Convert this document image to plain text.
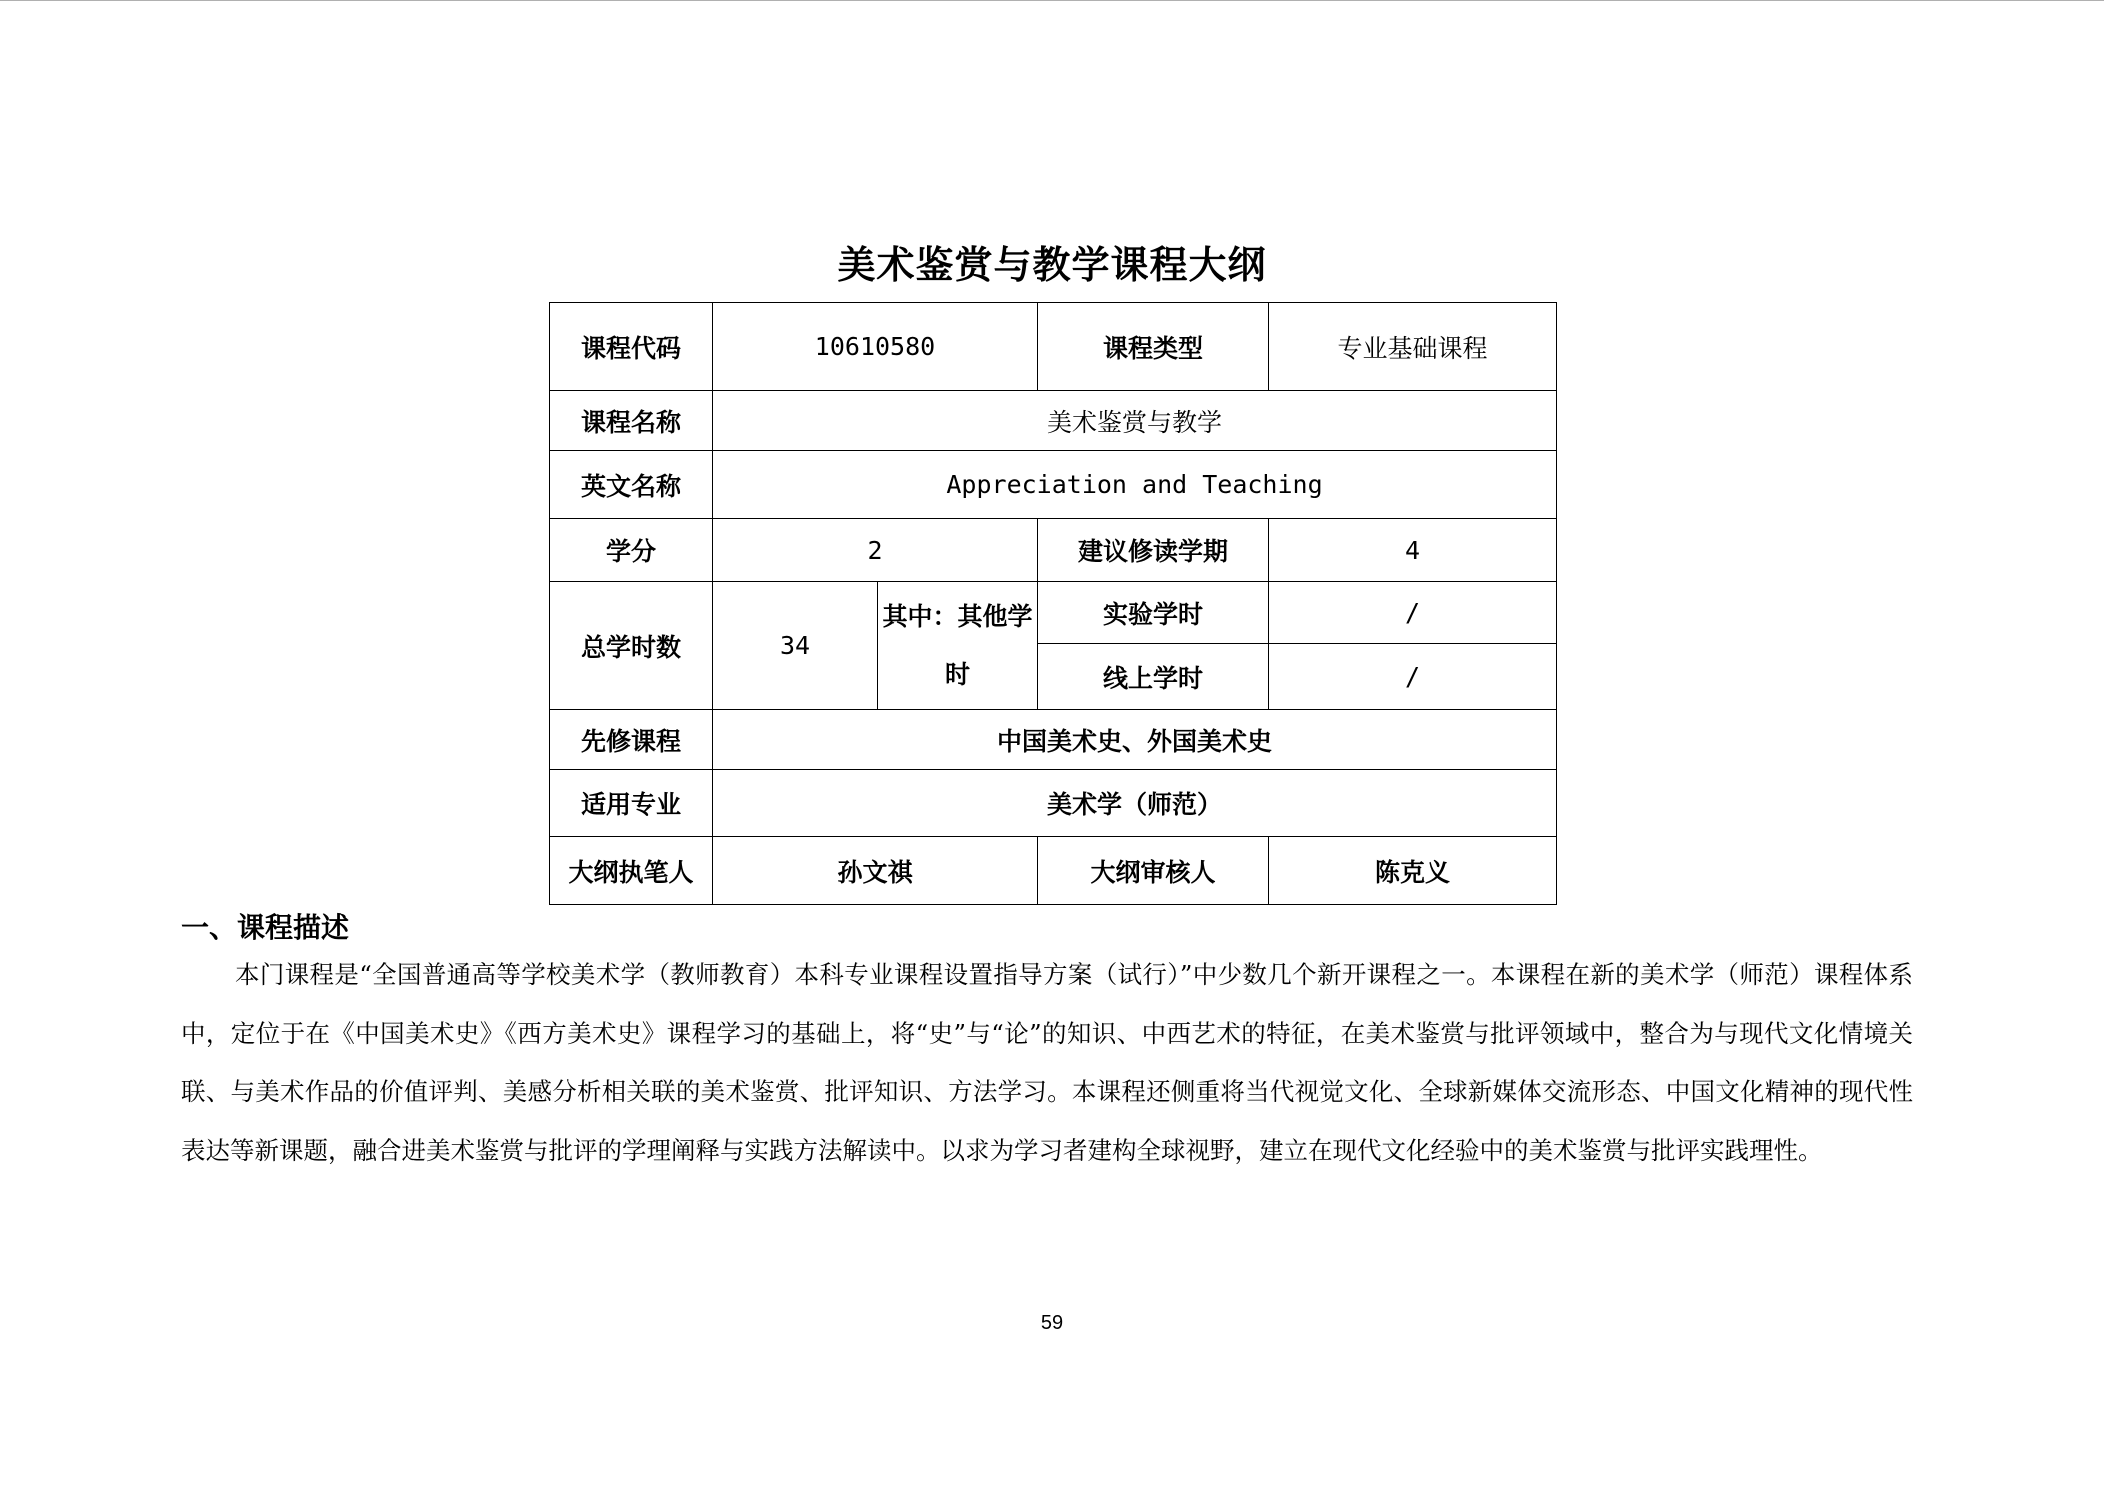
美术鉴赏与教学课程大纲
课程代码	10610580		课程类型	专业基础课程
课程名称	美术鉴赏与教学			
英文名称	Appreciation and Teaching			
学分	2		建议修读学期	4
总学时数	34	其中：其他学时	实验学时	/
			线上学时	/
先修课程	中国美术史、外国美术史			
适用专业	美术学（师范）			
大纲执笔人	孙文祺		大纲审核人	陈克义
一、课程描述
本门课程是“全国普通高等学校美术学（教师教育）本科专业课程设置指导方案（试行）”中少数几个新开课程之一。本课程在新的美术学（师范）课程体系中，定位于在《中国美术史》《西方美术史》课程学习的基础上，将“史”与“论”的知识、中西艺术的特征，在美术鉴赏与批评领域中，整合为与现代文化情境关联、与美术作品的价值评判、美感分析相关联的美术鉴赏、批评知识、方法学习。本课程还侧重将当代视觉文化、全球新媒体交流形态、中国文化精神的现代性表达等新课题，融合进美术鉴赏与批评的学理阐释与实践方法解读中。以求为学习者建构全球视野，建立在现代文化经验中的美术鉴赏与批评实践理性。
59
